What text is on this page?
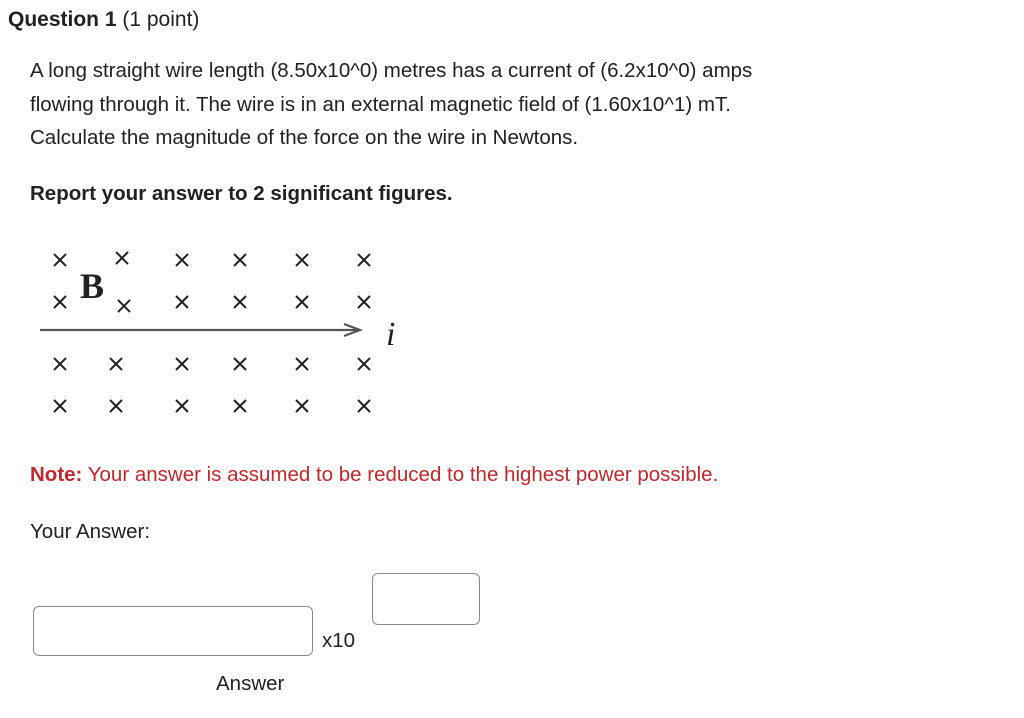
Question 1 (1 point)

A long straight wire length (8.50x10^0) metres has a current of (6.2x10^0) amps

flowing through it. The wire is in an external magnetic field of (1.60x10^1) mT.

Calculate the magnitude of the force on the wire in Newtons.

Report your answer to 2 significant figures.
B
i
Note: Your answer is assumed to be reduced to the highest power possible.
Your Answer:
x10
Answer
